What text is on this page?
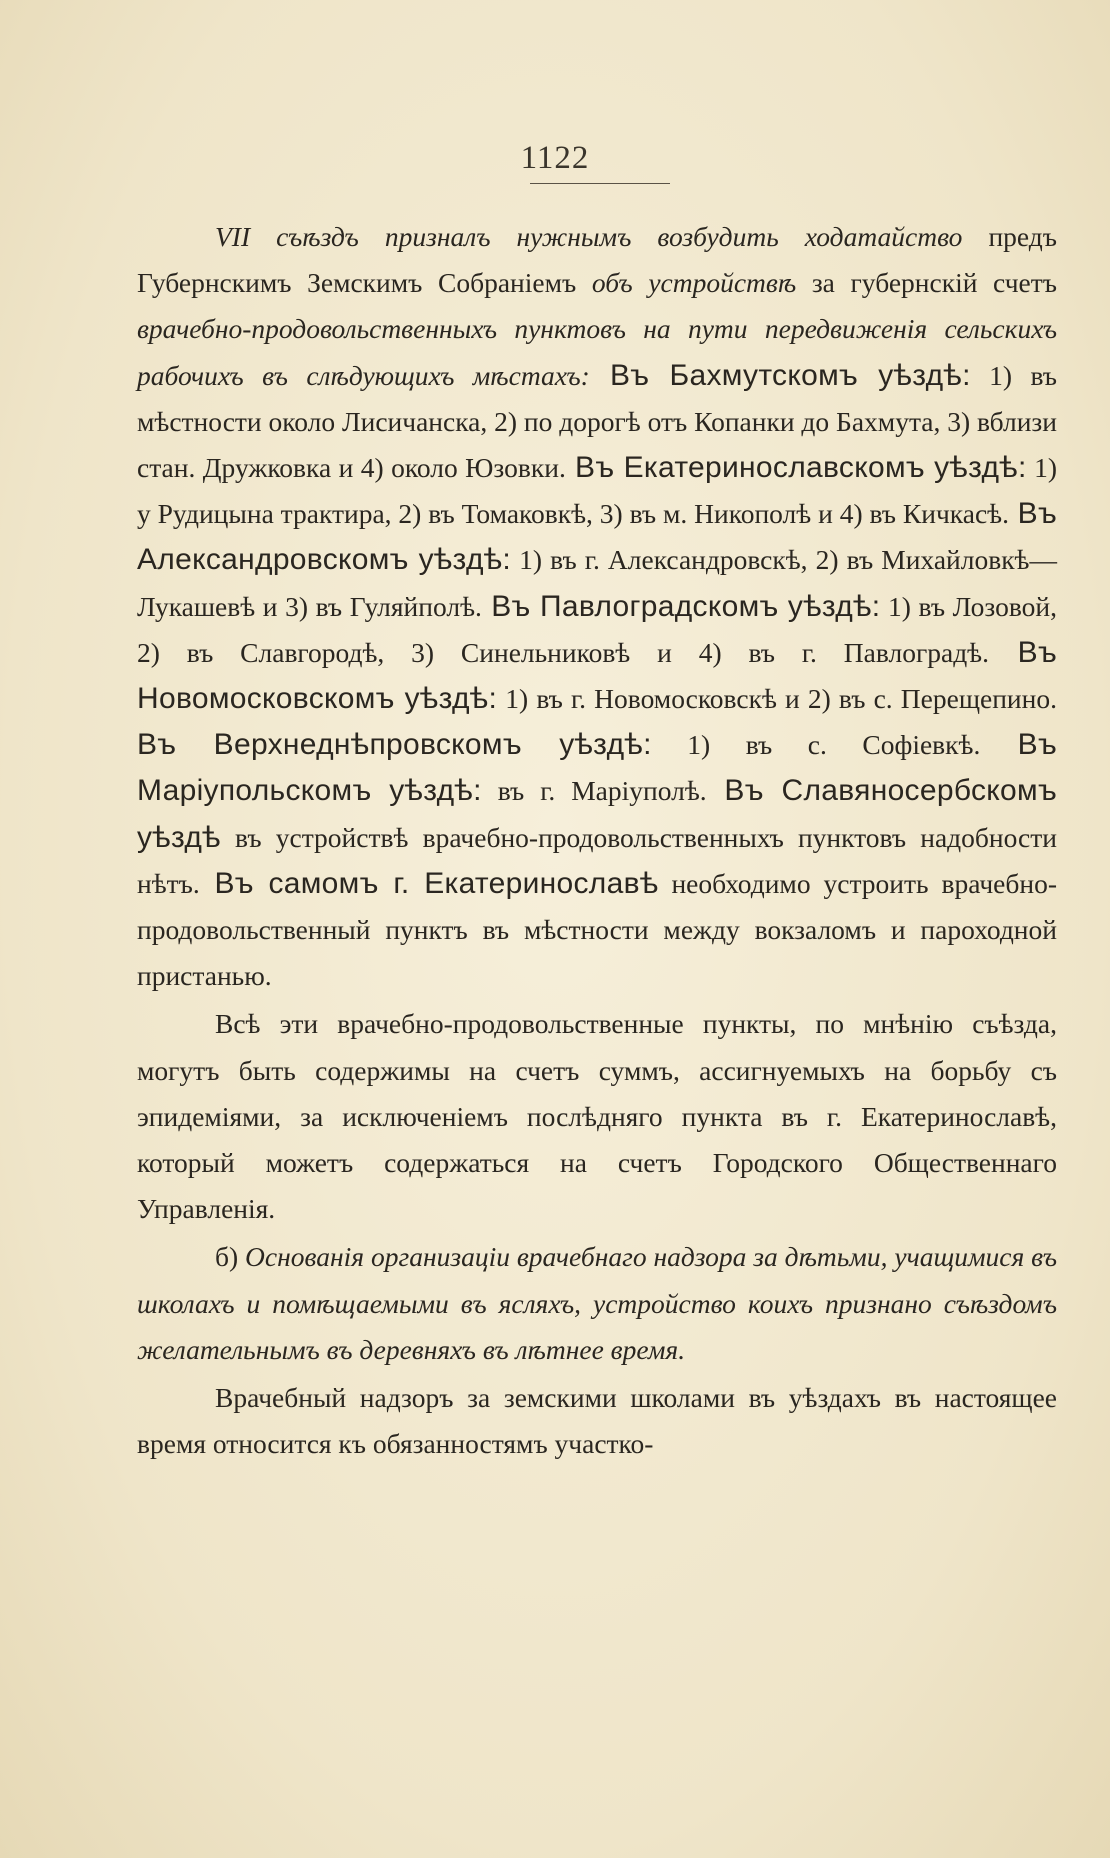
1122

VII съѣздъ призналъ нужнымъ возбудить ходатайство предъ Губернскимъ Земскимъ Собраніемъ объ устройствѣ за губернскій счетъ врачебно-продовольственныхъ пунктовъ на пути передвиженія сельскихъ рабочихъ въ слѣдующихъ мѣстахъ: Въ Бахмутскомъ уѣздѣ: 1) въ мѣстности около Лисичанска, 2) по дорогѣ отъ Копанки до Бахмута, 3) вблизи стан. Дружковка и 4) около Юзовки. Въ Екатеринославскомъ уѣздѣ: 1) у Рудицына трактира, 2) въ Томаковкѣ, 3) въ м. Никополѣ и 4) въ Кичкасѣ. Въ Александровскомъ уѣздѣ: 1) въ г. Александровскѣ, 2) въ Михайловкѣ—Лукашевѣ и 3) въ Гуляйполѣ. Въ Павлоградскомъ уѣздѣ: 1) въ Лозовой, 2) въ Славгородѣ, 3) Синельниковѣ и 4) въ г. Павлоградѣ. Въ Новомосковскомъ уѣздѣ: 1) въ г. Новомосковскѣ и 2) въ с. Перещепино. Въ Верхнеднѣпровскомъ уѣздѣ: 1) въ с. Софіевкѣ. Въ Маріупольскомъ уѣздѣ: въ г. Маріуполѣ. Въ Славяносербскомъ уѣздѣ въ устройствѣ врачебно-продовольственныхъ пунктовъ надобности нѣтъ. Въ самомъ г. Екатеринославѣ необходимо устроить врачебно-продовольственный пунктъ въ мѣстности между вокзаломъ и пароходной пристанью.

Всѣ эти врачебно-продовольственные пункты, по мнѣнію съѣзда, могутъ быть содержимы на счетъ суммъ, ассигнуемыхъ на борьбу съ эпидеміями, за исключеніемъ послѣдняго пункта въ г. Екатеринославѣ, который можетъ содержаться на счетъ Городского Общественнаго Управленія.

б) Основанія организаціи врачебнаго надзора за дѣтьми, учащимися въ школахъ и помѣщаемыми въ ясляхъ, устройство коихъ признано съѣздомъ желательнымъ въ деревняхъ въ лѣтнее время.

Врачебный надзоръ за земскими школами въ уѣздахъ въ настоящее время относится къ обязанностямъ участко-
